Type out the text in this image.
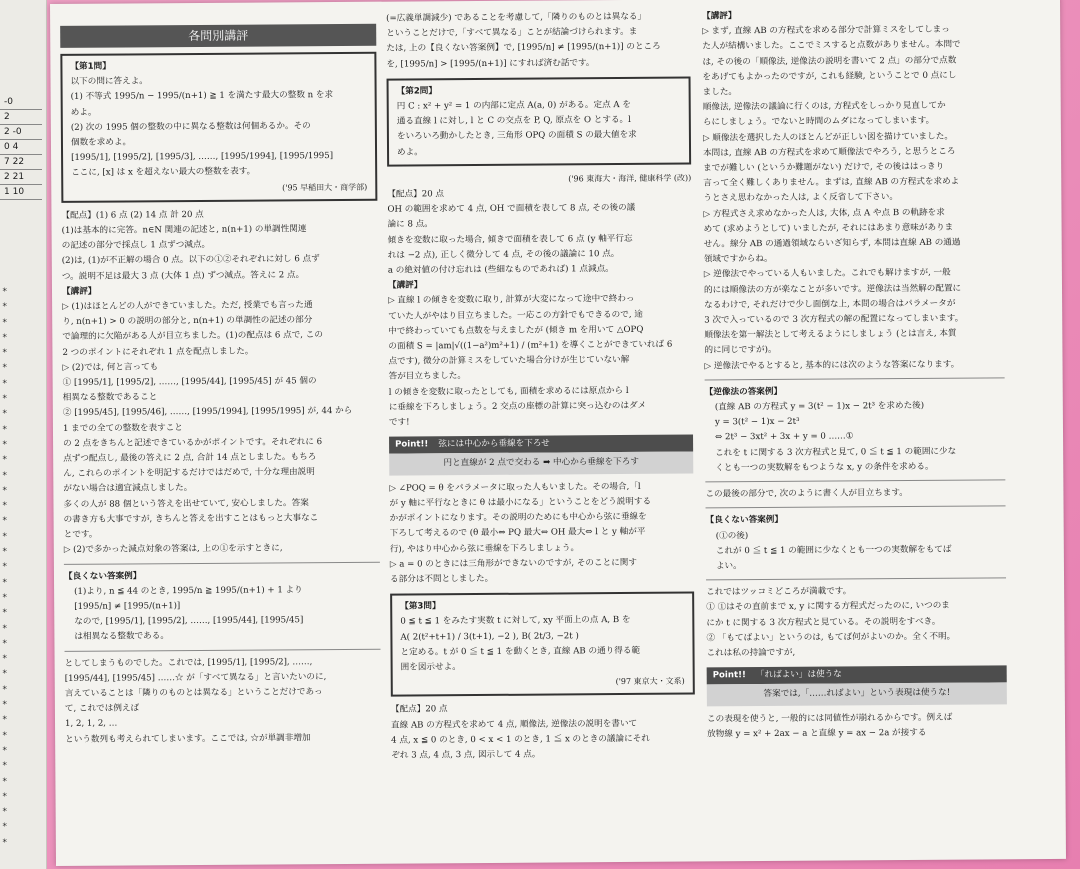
-0
2
2 -0
0 4
7 22
2 21
1 10
*
*
*
*
*
*
*
*
*
*
*
*
*
*
*
*
*
*
*
*
*
*
*
*
*
*
*
*
*
*
*
*
*
*
*
*
*
各問別講評
【第1問】

以下の問に答えよ。

(1) 不等式 1995/n − 1995/(n+1) ≧ 1 を満たす最大の整数 n を求

めよ。

(2) 次の 1995 個の整数の中に異なる整数は何個あるか。その

個数を求めよ。

[1995/1], [1995/2], [1995/3], ……, [1995/1994], [1995/1995]

ここに, [x] は x を超えない最大の整数を表す。

('95 早稲田大・商学部)

【配点】(1) 6 点 (2) 14 点 計 20 点

(1)は基本的に完答。n∈N 関連の記述と, n(n+1) の単調性関連

の記述の部分で採点し 1 点ずつ減点。

(2)は, (1)が不正解の場合 0 点。以下の①②それぞれに対し 6 点ず

つ。説明不足は最大 3 点 (大体 1 点) ずつ減点。答えに 2 点。

【講評】

▷ (1)はほとんどの人ができていました。ただ, 授業でも言った通

り, n(n+1) > 0 の説明の部分と, n(n+1) の単調性の記述の部分

で論理的に欠陥がある人が目立ちました。(1)の配点は 6 点で, この

2 つのポイントにそれぞれ 1 点を配点しました。

▷ (2)では, 何と言っても

① [1995/1], [1995/2], ……, [1995/44], [1995/45] が 45 個の

相異なる整数であること

② [1995/45], [1995/46], ……, [1995/1994], [1995/1995] が, 44 から

1 までの全ての整数を表すこと

の 2 点をきちんと記述できているかがポイントです。それぞれに 6

点ずつ配点し, 最後の答えに 2 点, 合計 14 点としました。もちろ

ん, これらのポイントを明記するだけではだめで, 十分な理由説明

がない場合は適宜減点しました。

多くの人が 88 個という答えを出せていて, 安心しました。答案

の書き方も大事ですが, きちんと答えを出すことはもっと大事なこ

とです。

▷ (2)で多かった減点対象の答案は, 上の①を示すときに,

【良くない答案例】

(1)より, n ≦ 44 のとき, 1995/n ≧ 1995/(n+1) + 1 より

[1995/n] ≠ [1995/(n+1)]

なので, [1995/1], [1995/2], ……, [1995/44], [1995/45]

は相異なる整数である。

としてしまうものでした。これでは, [1995/1], [1995/2], ……,

[1995/44], [1995/45] ……☆ が「すべて異なる」と言いたいのに,

言えていることは「隣りのものとは異なる」ということだけであっ

て, これでは例えば

1, 2, 1, 2, …

という数列も考えられてしまいます。ここでは, ☆が単調非増加

(=広義単調減少) であることを考慮して,「隣りのものとは異なる」

ということだけで,「すべて異なる」ことが結論づけられます。ま

たは, 上の【良くない答案例】で, [1995/n] ≠ [1995/(n+1)] のところ

を, [1995/n] > [1995/(n+1)] にすれば済む話です。

【第2問】

円 C : x² + y² = 1 の内部に定点 A(a, 0) がある。定点 A を

通る直線 l に対し, l と C の交点を P, Q, 原点を O とする。l

をいろいろ動かしたとき, 三角形 OPQ の面積 S の最大値を求

めよ。

('96 東海大・海洋, 健康科学 (改))

【配点】20 点

OH の範囲を求めて 4 点, OH で面積を表して 8 点, その後の議

論に 8 点。

傾きを変数に取った場合, 傾きで面積を表して 6 点 (y 軸平行忘

れは −2 点), 正しく微分して 4 点, その後の議論に 10 点。

a の絶対値の付け忘れは (些細なものであれば) 1 点減点。

【講評】

▷ 直線 l の傾きを変数に取り, 計算が大変になって途中で終わっ

ていた人がやはり目立ちました。一応この方針でもできるので, 途

中で終わっていても点数を与えましたが (傾き m を用いて △OPQ

の面積 S = |am|√((1−a²)m²+1) / (m²+1) を導くことができていれば 6

点です), 微分の計算ミスをしていた場合分けが生じていない解

答が目立ちました。

l の傾きを変数に取ったとしても, 面積を求めるには原点から l

に垂線を下ろしましょう。2 交点の座標の計算に突っ込むのはダメ

です!

Point!! 弦には中心から垂線を下ろせ
円と直線が 2 点で交わる ➡ 中心から垂線を下ろす

▷ ∠POQ = θ をパラメータに取った人もいました。その場合,「l

が y 軸に平行なときに θ は最小になる」ということをどう説明する

かがポイントになります。その説明のためにも中心から弦に垂線を

下ろして考えるので (θ 最小⇔ PQ 最大⇔ OH 最大⇔ l と y 軸が平

行), やはり中心から弦に垂線を下ろしましょう。

▷ a = 0 のときには三角形ができないのですが, そのことに関す

る部分は不問としました。

【第3問】

0 ≦ t ≦ 1 をみたす実数 t に対して, xy 平面上の点 A, B を

A( 2(t²+t+1) / 3(t+1), −2 ), B( 2t/3, −2t )

と定める。t が 0 ≦ t ≦ 1 を動くとき, 直線 AB の通り得る範

囲を図示せよ。

('97 東京大・文系)

【配点】20 点

直線 AB の方程式を求めて 4 点, 順像法, 逆像法の説明を書いて

4 点, x ≦ 0 のとき, 0 < x < 1 のとき, 1 ≦ x のときの議論にそれ

ぞれ 3 点, 4 点, 3 点, 図示して 4 点。

【講評】

▷ まず, 直線 AB の方程式を求める部分で計算ミスをしてしまっ

た人が結構いました。ここでミスすると点数がありません。本問で

は, その後の「順像法, 逆像法の説明を書いて 2 点」の部分で点数

をあげてもよかったのですが, これも経験, ということで 0 点にし

ました。

順像法, 逆像法の議論に行くのは, 方程式をしっかり見直してか

らにしましょう。でないと時間のムダになってしまいます。

▷ 順像法を選択した人のほとんどが正しい図を描けていました。

本問は, 直線 AB の方程式を求めて順像法でやろう, と思うところ

までが難しい (というか難題がない) だけで, その後ははっきり

言って全く難しくありません。まずは, 直線 AB の方程式を求めよ

うとさえ思わなかった人は, よく反省して下さい。

▷ 方程式さえ求めなかった人は, 大体, 点 A や点 B の軌跡を求

めて (求めようとして) いましたが, それにはあまり意味がありま

せん。線分 AB の通過領域ならいざ知らず, 本問は直線 AB の通過

領域ですからね。

▷ 逆像法でやっている人もいました。これでも解けますが, 一般

的には順像法の方が楽なことが多いです。逆像法は当然解の配置に

なるわけで, それだけで少し面倒な上, 本問の場合はパラメータが

3 次で入っているので 3 次方程式の解の配置になってしまいます。

順像法を第一解法として考えるようにしましょう (とは言え, 本質

的に同じですが)。

▷ 逆像法でやるとすると, 基本的には次のような答案になります。

【逆像法の答案例】

(直線 AB の方程式 y = 3(t² − 1)x − 2t³ を求めた後)

y = 3(t² − 1)x − 2t³

⇔ 2t³ − 3xt² + 3x + y = 0 ……①

これを t に関する 3 次方程式と見て, 0 ≦ t ≦ 1 の範囲に少な

くとも一つの実数解をもつような x, y の条件を求める。

この最後の部分で, 次のように書く人が目立ちます。

【良くない答案例】

(①の後)

これが 0 ≦ t ≦ 1 の範囲に少なくとも一つの実数解をもてば

よい。

これではツッコミどころが満載です。

① ①はその直前まで x, y に関する方程式だったのに, いつのま

にか t に関する 3 次方程式と見ている。その説明をすべき。

② 「もてばよい」というのは, もてば何がよいのか。全く不明。

これは私の持論ですが,

Point!! 「ればよい」は使うな
答案では,「……ればよい」という表現は使うな!

この表現を使うと, 一般的には同値性が崩れるからです。例えば

放物線 y = x² + 2ax − a と直線 y = ax − 2a が接する
